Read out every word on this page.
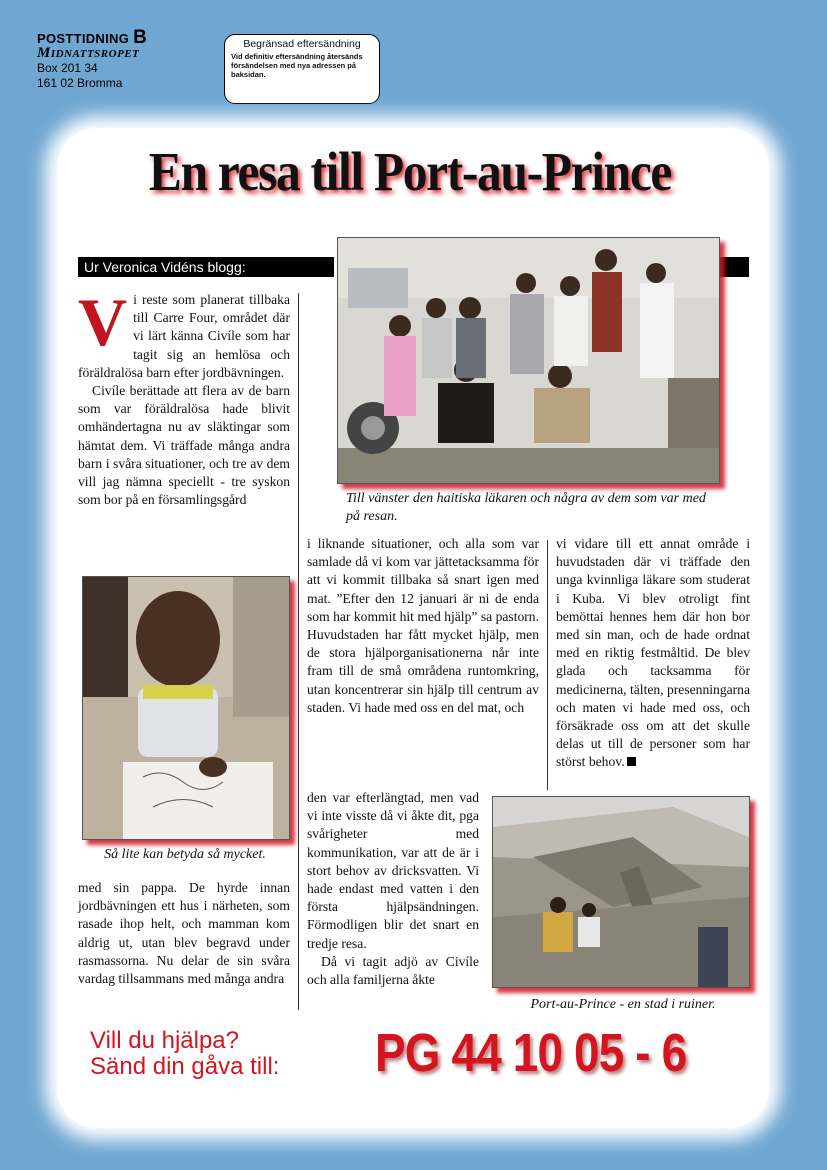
POSTTIDNING B
Midnattsropet
Box 201 34
161 02 Bromma
Begränsad eftersändning
Vid definitiv eftersändning återsänds försändelsen med nya adressen på baksidan.
En resa till Port-au-Prince
Ur Veronica Vidéns blogg:
V i reste som planerat tillbaka till Carre Four, området där vi lärt känna Civíle som har tagit sig an hemlösa och föräldralösa barn efter jordbävningen.

Civíle berättade att flera av de barn som var föräldralösa hade blivit omhändertagna nu av släktingar som hämtat dem. Vi träffade många andra barn i svåra situationer, och tre av dem vill jag nämna speciellt - tre syskon som bor på en församlingsgård	Till vänster den haitiska läkaren och några av dem som var med på resan.
Så lite kan betyda så mycket.

med sin pappa. De hyrde innan jordbävningen ett hus i närheten, som rasade ihop helt, och mamman kom aldrig ut, utan blev begravd under rasmassorna. Nu delar de sin svåra vardag tillsammans med många andra

i liknande situationer, och alla som var samlade då vi kom var jättetacksamma för att vi kommit tillbaka så snart igen med mat. ”Efter den 12 januari är ni de enda som har kommit hit med hjälp” sa pastorn. Huvudstaden har fått mycket hjälp, men de stora hjälporganisationerna når inte fram till de små områdena runtomkring, utan koncentrerar sin hjälp till centrum av staden. Vi hade med oss en del mat, och

den var efterlängtad, men vad vi inte visste då vi åkte dit, pga svårigheter med kommunikation, var att de är i stort behov av dricksvatten. Vi hade endast med vatten i den första hjälpsändningen. Förmodligen blir det snart en tredje resa.

Då vi tagit adjö av Civíle och alla familjerna åkte

vi vidare till ett annat område i huvudstaden där vi träffade den unga kvinnliga läkare som studerat i Kuba. Vi blev otroligt fint bemöttai hennes hem där hon bor med sin man, och de hade ordnat med en riktig festmåltid. De blev glada och tacksamma för medicinerna, tälten, presenningarna och maten vi hade med oss, och försäkrade oss om att det skulle delas ut till de personer som har störst behov.

Port-au-Prince - en stad i ruiner.
Vill du hjälpa?
Sänd din gåva till: PG 44 10 05 - 6
